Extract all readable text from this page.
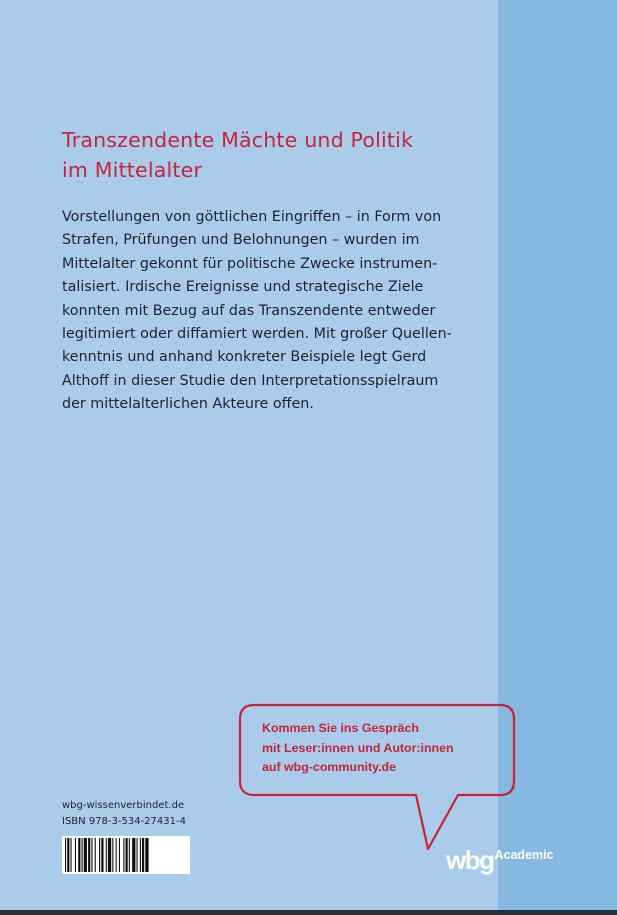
Transzendente Mächte und Politik
im Mittelalter

Vorstellungen von göttlichen Eingriffen – in Form von
Strafen, Prüfungen und Belohnungen – wurden im
Mittelalter gekonnt für politische Zwecke instrumen-
talisiert. Irdische Ereignisse und strategische Ziele
konnten mit Bezug auf das Transzendente entweder
legitimiert oder diffamiert werden. Mit großer Quellen-
kenntnis und anhand konkreter Beispiele legt Gerd
Althoff in dieser Studie den Interpretationsspielraum
der mittelalterlichen Akteure offen.

Kommen Sie ins Gespräch
mit Leser:innen und Autor:innen
auf wbg-community.de
wbg-wissenverbindet.de
ISBN 978-3-534-27431-4
wbgAcademic
